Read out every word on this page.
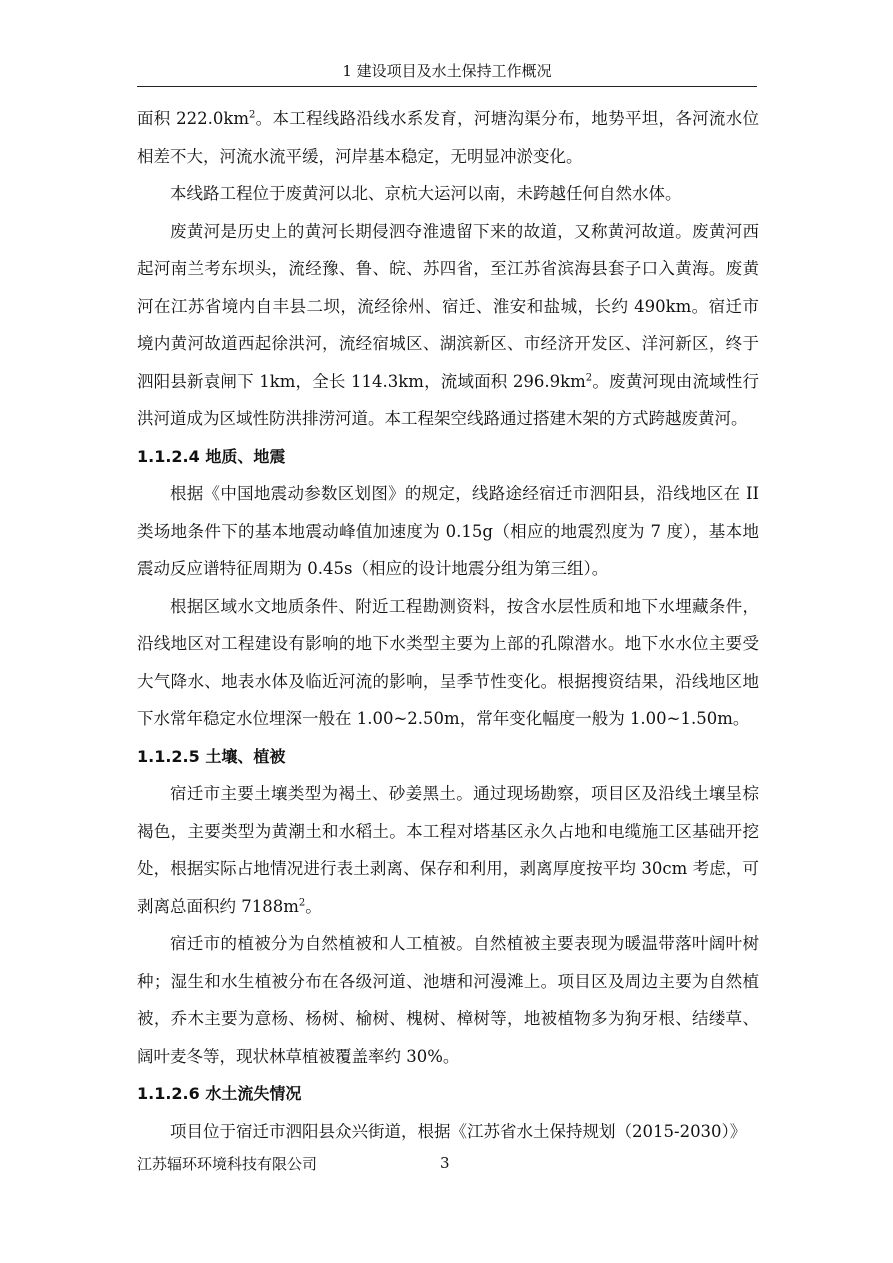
1 建设项目及水土保持工作概况

面积 $222.0km^2$。本工程线路沿线水系发育，河塘沟渠分布，地势平坦，各河流水位相差不大，河流水流平缓，河岸基本稳定，无明显冲淤变化。

本线路工程位于废黄河以北、京杭大运河以南，未跨越任何自然水体。

废黄河是历史上的黄河长期侵泗夺淮遗留下来的故道，又称黄河故道。废黄河西起河南兰考东坝头，流经豫、鲁、皖、苏四省，至江苏省滨海县套子口入黄海。废黄河在江苏省境内自丰县二坝，流经徐州、宿迁、淮安和盐城，长约 490km。宿迁市境内黄河故道西起徐洪河，流经宿城区、湖滨新区、市经济开发区、洋河新区，终于泗阳县新袁闸下 1km，全长 114.3km，流域面积 $296.9km^2$。废黄河现由流域性行洪河道成为区域性防洪排涝河道。本工程架空线路通过搭建木架的方式跨越废黄河。

1.1.2.4 地质、地震

根据《中国地震动参数区划图》的规定，线路途经宿迁市泗阳县，沿线地区在 II 类场地条件下的基本地震动峰值加速度为 0.15g（相应的地震烈度为 7 度），基本地震动反应谱特征周期为 0.45s（相应的设计地震分组为第三组）。

根据区域水文地质条件、附近工程勘测资料，按含水层性质和地下水埋藏条件，沿线地区对工程建设有影响的地下水类型主要为上部的孔隙潜水。地下水水位主要受大气降水、地表水体及临近河流的影响，呈季节性变化。根据搜资结果，沿线地区地下水常年稳定水位埋深一般在 1.00~2.50m，常年变化幅度一般为 1.00~1.50m。

1.1.2.5 土壤、植被

宿迁市主要土壤类型为褐土、砂姜黑土。通过现场勘察，项目区及沿线土壤呈棕褐色，主要类型为黄潮土和水稻土。本工程对塔基区永久占地和电缆施工区基础开挖处，根据实际占地情况进行表土剥离、保存和利用，剥离厚度按平均 30cm 考虑，可剥离总面积约 $7188m^2$。

宿迁市的植被分为自然植被和人工植被。自然植被主要表现为暖温带落叶阔叶树种；湿生和水生植被分布在各级河道、池塘和河漫滩上。项目区及周边主要为自然植被，乔木主要为意杨、杨树、榆树、槐树、樟树等，地被植物多为狗牙根、结缕草、阔叶麦冬等，现状林草植被覆盖率约 30%。

1.1.2.6 水土流失情况

项目位于宿迁市泗阳县众兴街道，根据《江苏省水土保持规划（2015-2030）》

江苏辐环环境科技有限公司	3
